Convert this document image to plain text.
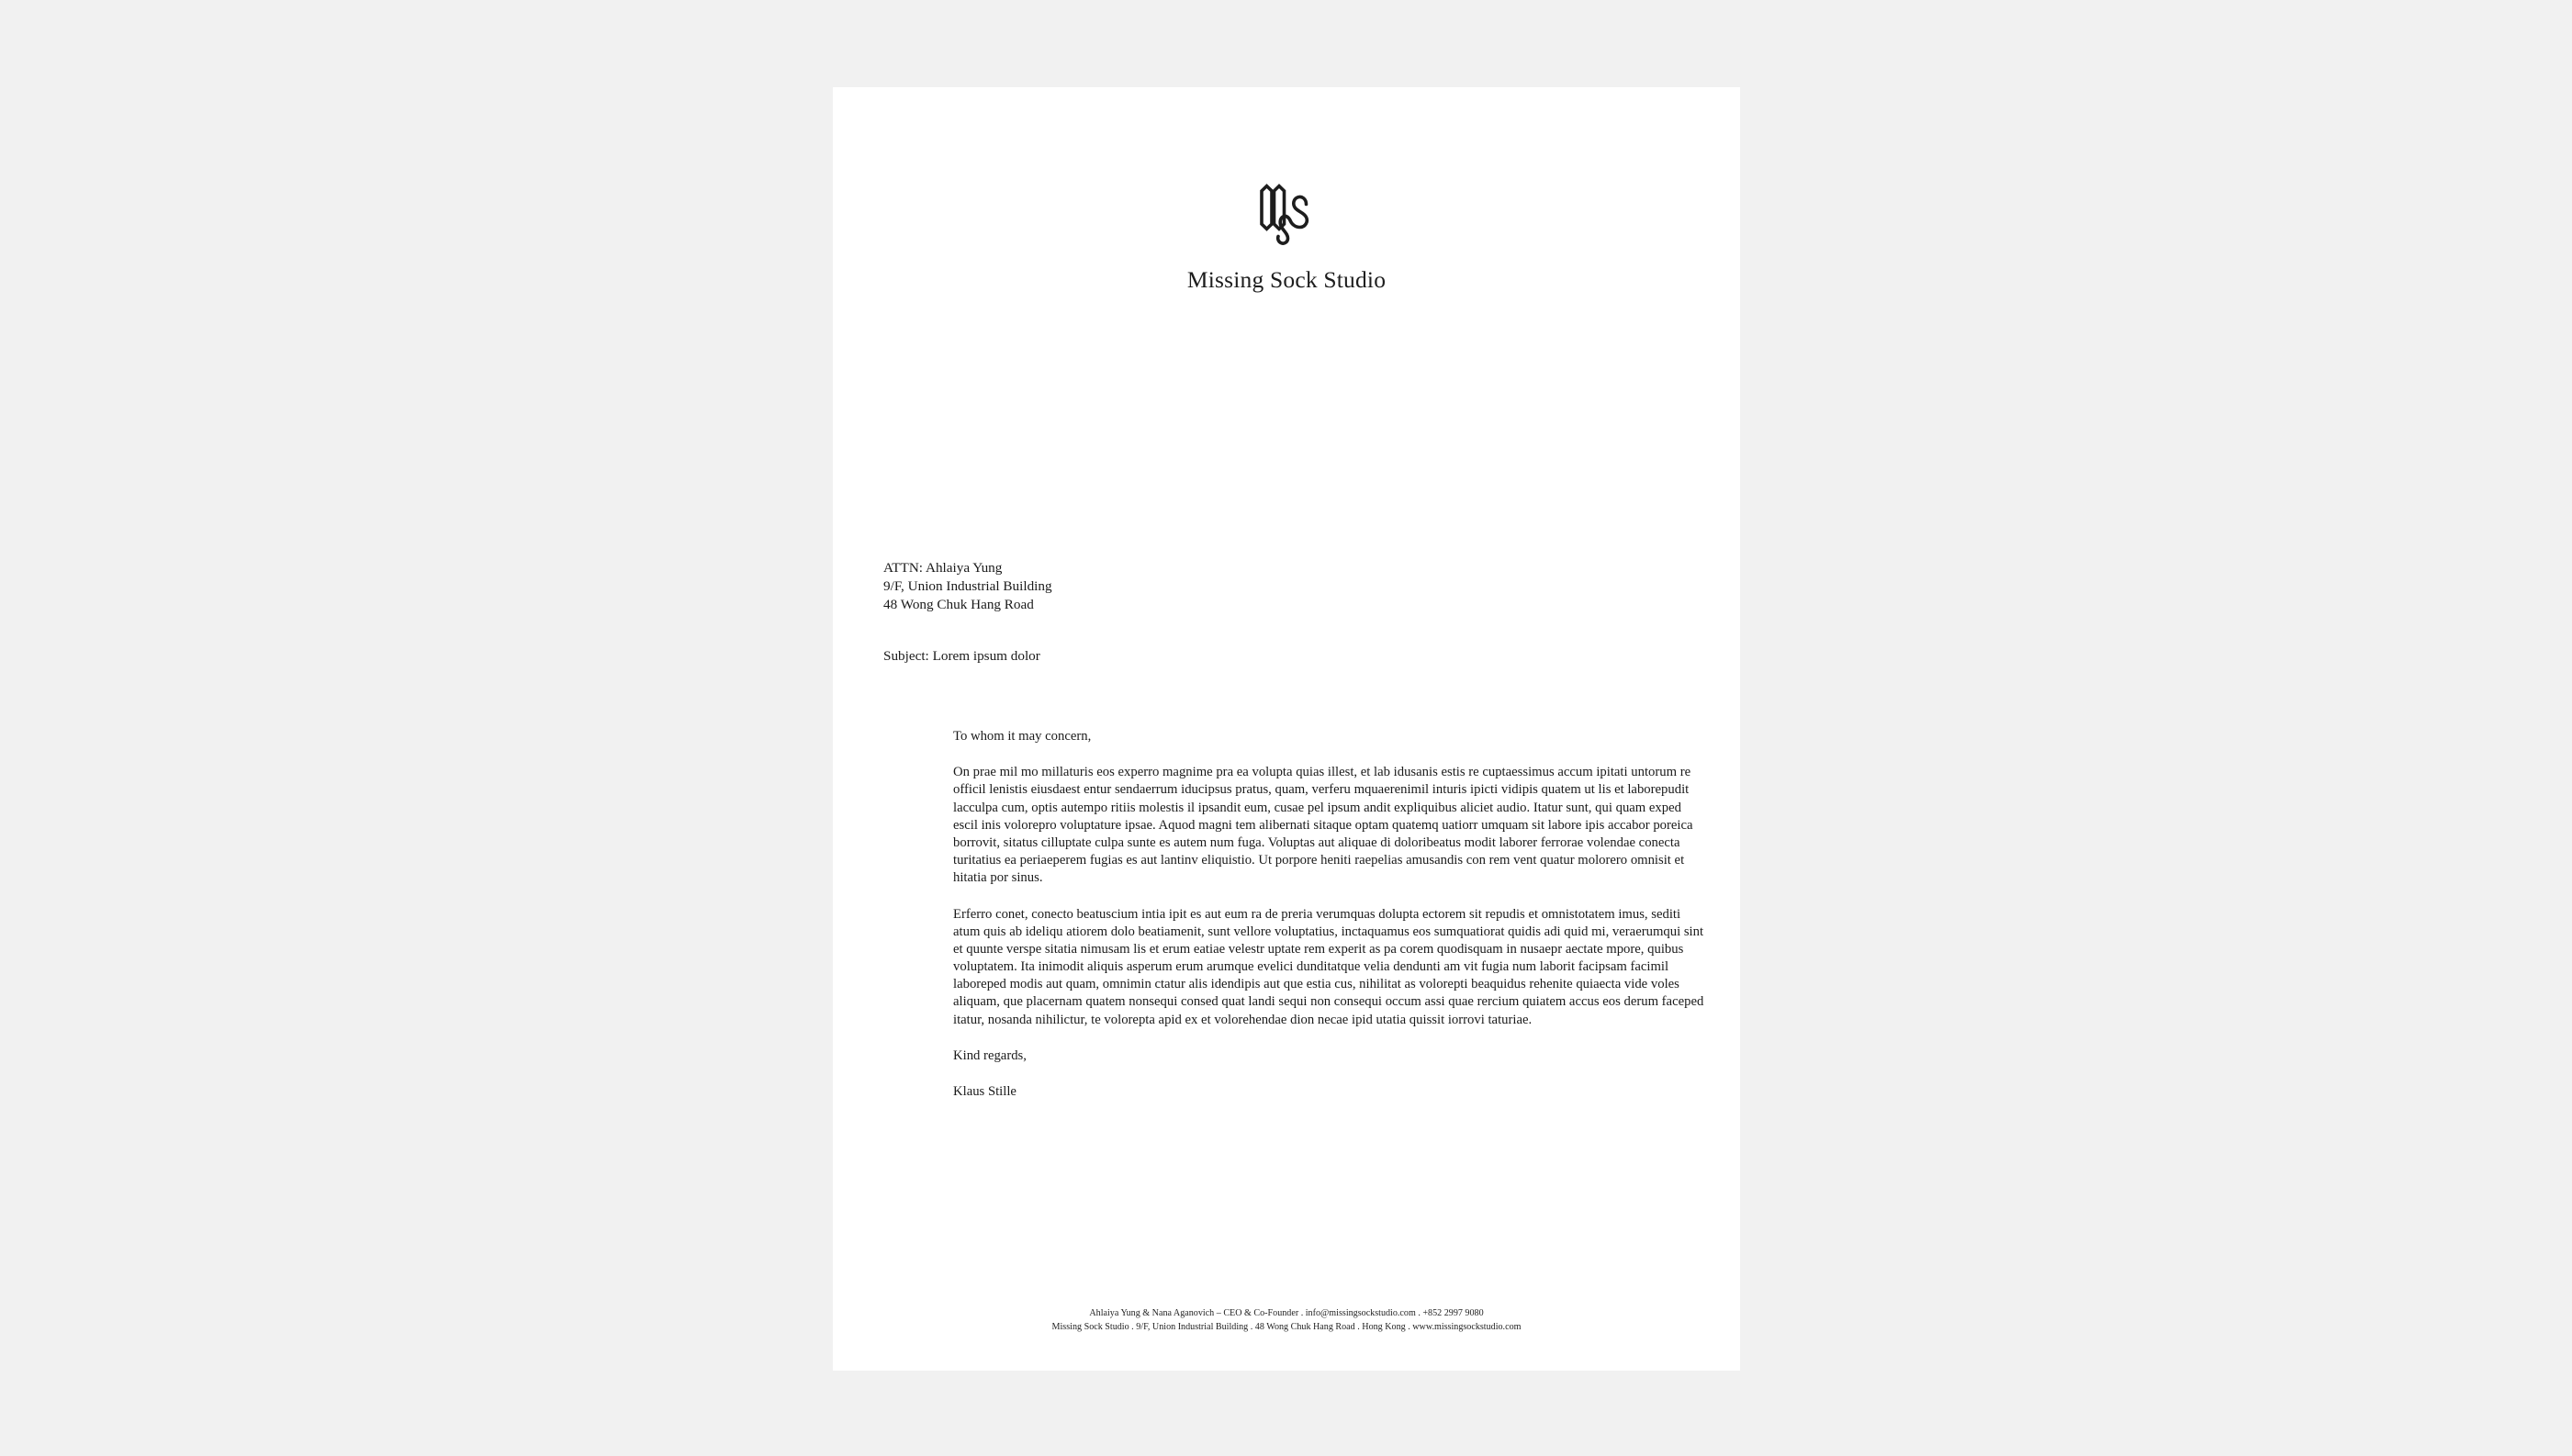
Missing Sock Studio
ATTN: Ahlaiya Yung
9/F, Union Industrial Building
48 Wong Chuk Hang Road
Subject: Lorem ipsum dolor

To whom it may concern,

On prae mil mo millaturis eos experro magnime pra ea volupta quias illest, et lab idusanis estis re cuptaessimus accum ipitati untorum re officil lenistis eiusdaest entur sendaerrum iducipsus pratus, quam, verferu mquaerenimil inturis ipicti vidipis quatem ut lis et laborepudit lacculpa cum, optis autempo ritiis molestis il ipsandit eum, cusae pel ipsum andit expliquibus aliciet audio. Itatur sunt, qui quam exped escil inis volorepro voluptature ipsae. Aquod magni tem alibernati sitaque optam quatemq uatiorr umquam sit labore ipis accabor poreica borrovit, sitatus cilluptate culpa sunte es autem num fuga. Voluptas aut aliquae di doloribeatus modit laborer ferrorae volendae conecta turitatius ea periaeperem fugias es aut lantinv eliquistio. Ut porpore heniti raepelias amusandis con rem vent quatur molorero omnisit et hitatia por sinus.

Erferro conet, conecto beatuscium intia ipit es aut eum ra de preria verumquas dolupta ectorem sit repudis et omnistotatem imus, sediti atum quis ab ideliqu atiorem dolo beatiamenit, sunt vellore voluptatius, inctaquamus eos sumquatiorat quidis adi quid mi, veraerumqui sint et quunte verspe sitatia nimusam lis et erum eatiae velestr uptate rem experit as pa corem quodisquam in nusaepr aectate mpore, quibus voluptatem. Ita inimodit aliquis asperum erum arumque evelici dunditatque velia dendunti am vit fugia num laborit facipsam facimil laboreped modis aut quam, omnimin ctatur alis idendipis aut que estia cus, nihilitat as volorepti beaquidus rehenite quiaecta vide voles aliquam, que placernam quatem nonsequi consed quat landi sequi non consequi occum assi quae rercium quiatem accus eos derum faceped itatur, nosanda nihilictur, te volorepta apid ex et volorehendae dion necae ipid utatia quissit iorrovi taturiae.

Kind regards,

Klaus Stille

Ahlaiya Yung & Nana Aganovich – CEO & Co-Founder . info@missingsockstudio.com . +852 2997 9080
Missing Sock Studio . 9/F, Union Industrial Building . 48 Wong Chuk Hang Road . Hong Kong . www.missingsockstudio.com
